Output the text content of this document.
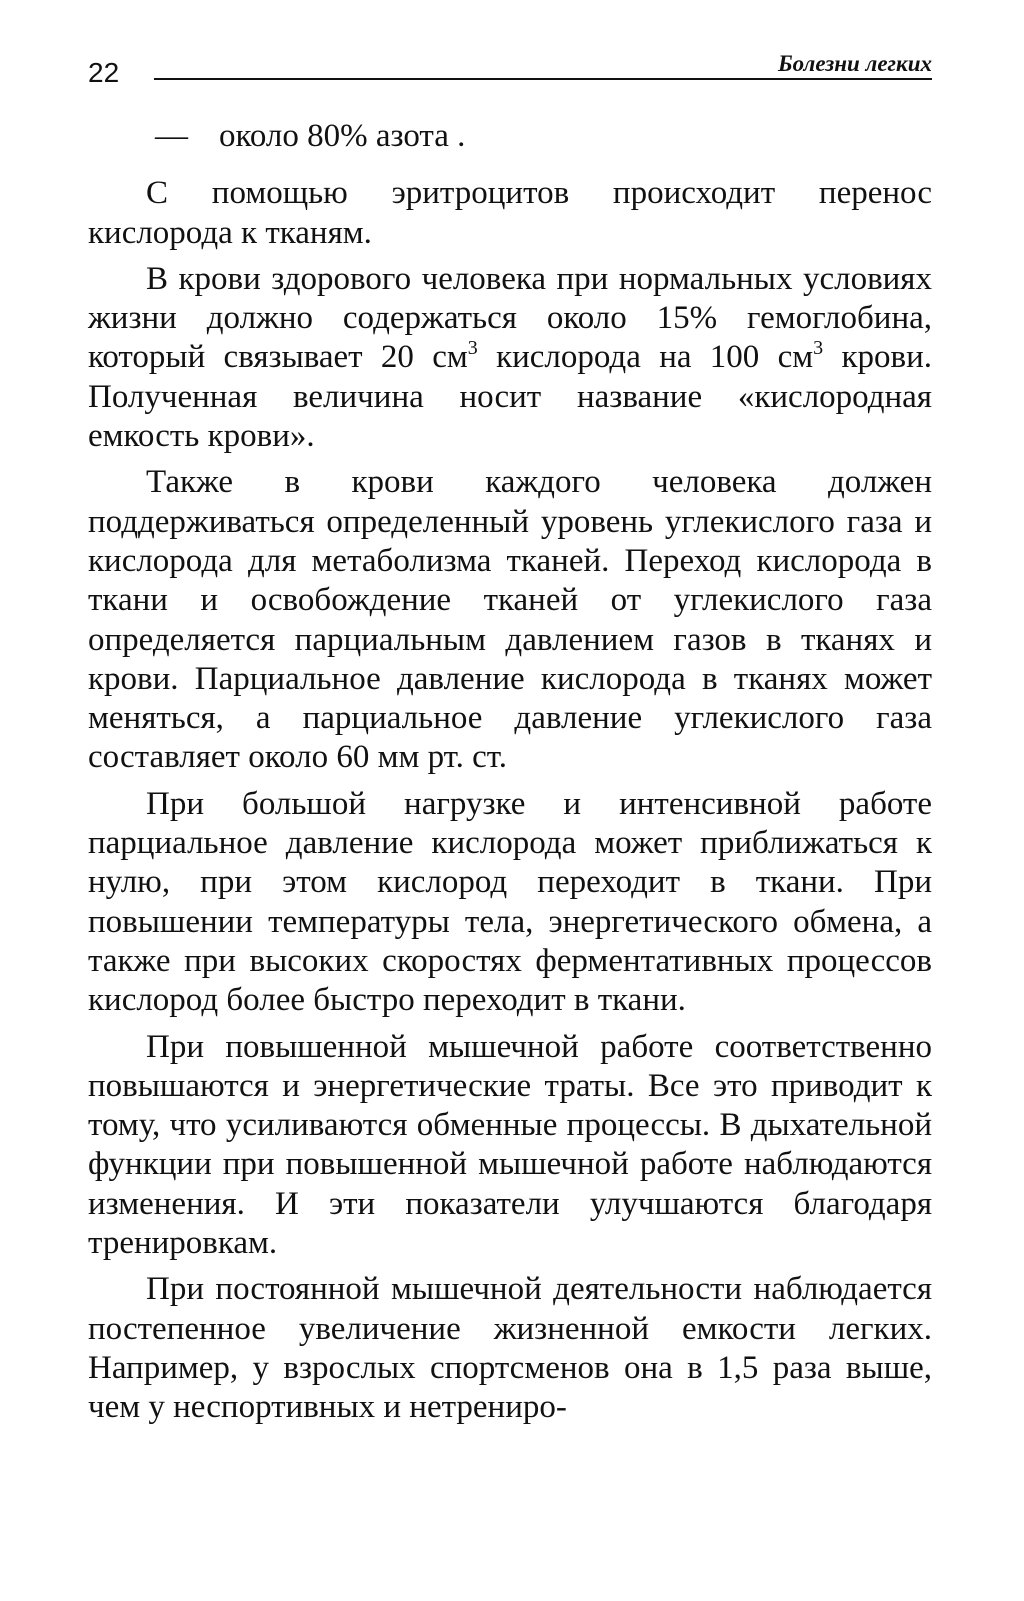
22	Болезни легких

— около 80% азота .

С помощью эритроцитов происходит перенос кислорода к тканям.

В крови здорового человека при нормальных условиях жизни должно содержаться около 15% гемоглобина, который связывает 20 $см^3$ кислорода на 100 $см^3$ крови. Полученная величина носит название «кислородная емкость крови».

Также в крови каждого человека должен поддерживаться определенный уровень углекислого газа и кислорода для метаболизма тканей. Переход кислорода в ткани и освобождение тканей от углекислого газа определяется парциальным давлением газов в тканях и крови. Парциальное давление кислорода в тканях может меняться, а парциальное давление углекислого газа составляет около 60 мм рт. ст.

При большой нагрузке и интенсивной работе парциальное давление кислорода может приближаться к нулю, при этом кислород переходит в ткани. При повышении температуры тела, энергетического обмена, а также при высоких скоростях ферментативных процессов кислород более быстро переходит в ткани.

При повышенной мышечной работе соответственно повышаются и энергетические траты. Все это приводит к тому, что усиливаются обменные процессы. В дыхательной функции при повышенной мышечной работе наблюдаются изменения. И эти показатели улучшаются благодаря тренировкам.

При постоянной мышечной деятельности наблюдается постепенное увеличение жизненной емкости легких. Например, у взрослых спортсменов она в 1,5 раза выше, чем у неспортивных и нетрениро-
